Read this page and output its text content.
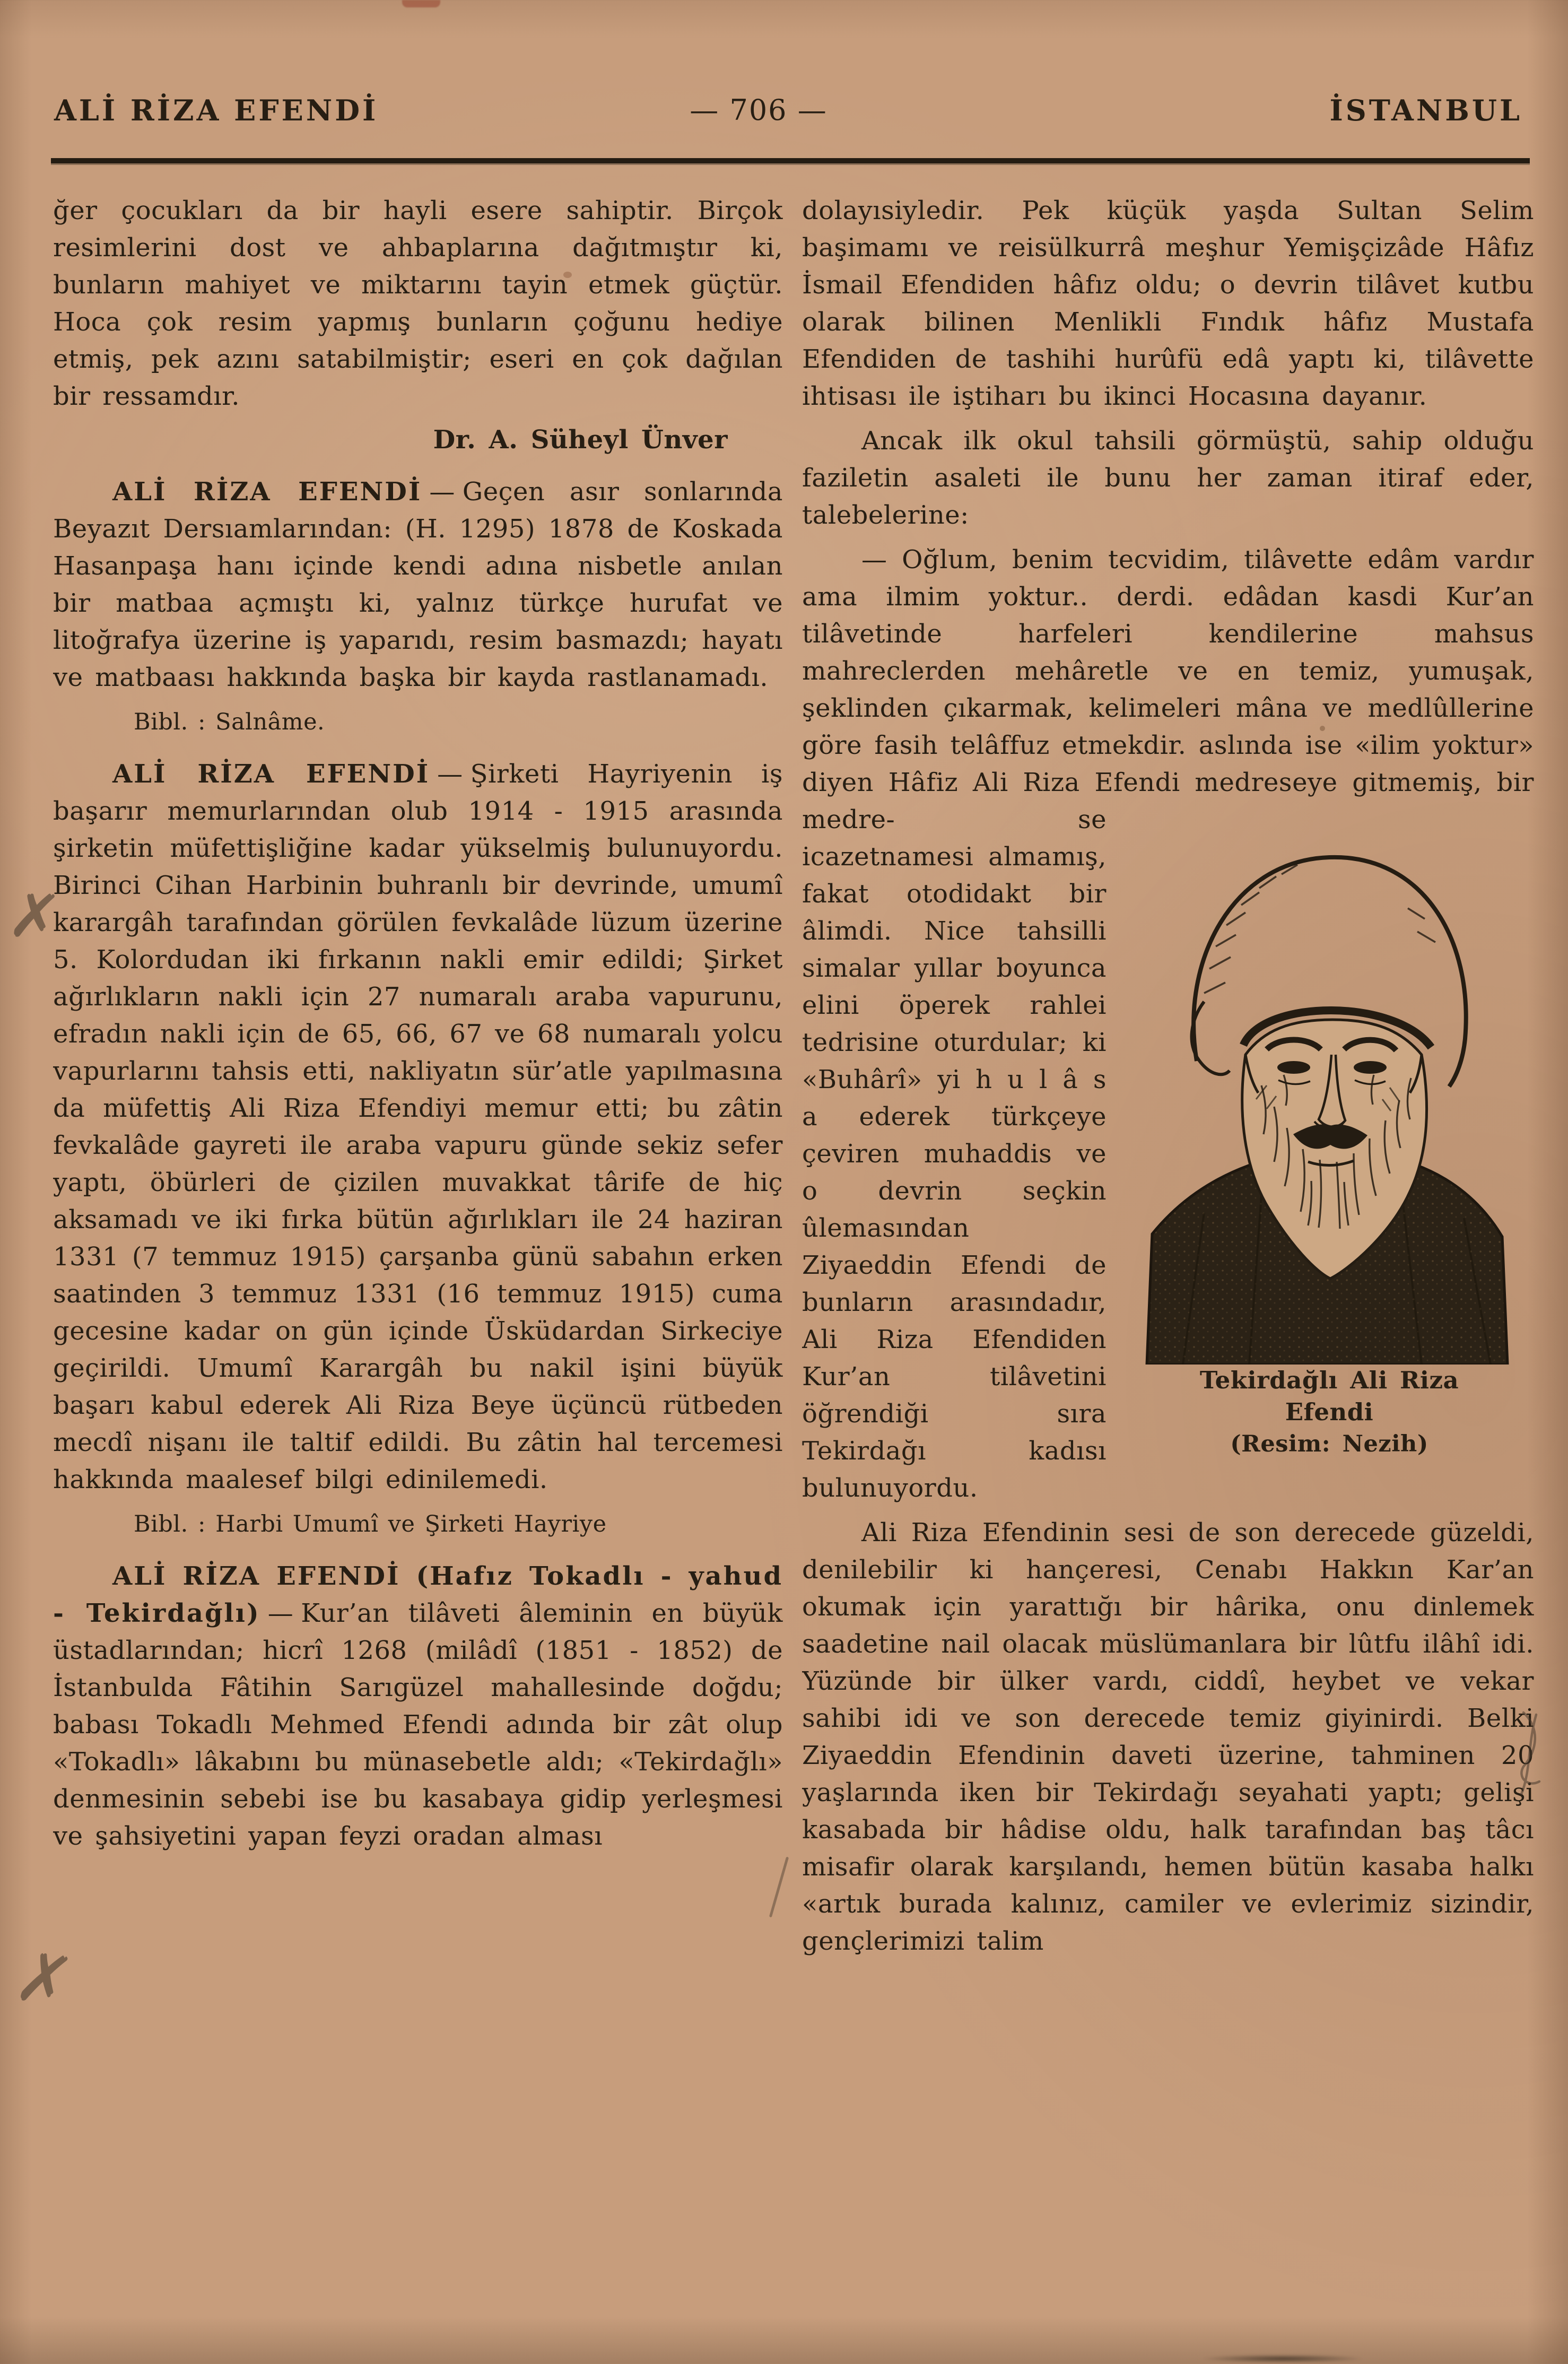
ALİ RİZA EFENDİ	— 706 —	İSTANBUL

ğer çocukları da bir hayli esere sahiptir. Birçok resimlerini dost ve ahbaplarına dağıtmıştır ki, bunların mahiyet ve miktarını tayin etmek güçtür. Hoca çok resim yapmış bunların çoğunu hediye etmiş, pek azını satabilmiştir; eseri en çok dağılan bir ressamdır.

Dr. A. Süheyl Ünver

ALİ RİZA EFENDİ — Geçen asır sonlarında Beyazıt Dersıamlarından: (H. 1295) 1878 de Koskada Hasanpaşa hanı içinde kendi adına nisbetle anılan bir matbaa açmıştı ki, yalnız türkçe hurufat ve litoğrafya üzerine iş yaparıdı, resim basmazdı; hayatı ve matbaası hakkında başka bir kayda rastlanamadı.

Bibl. : Salnâme.

ALİ RİZA EFENDİ — Şirketi Hayriyenin iş başarır memurlarından olub 1914 - 1915 arasında şirketin müfettişliğine kadar yükselmiş bulunuyordu. Birinci Cihan Harbinin buhranlı bir devrinde, umumî karargâh tarafından görülen fevkalâde lüzum üzerine 5. Kolordudan iki fırkanın nakli emir edildi; Şirket ağırlıkların nakli için 27 numaralı araba vapurunu, efradın nakli için de 65, 66, 67 ve 68 numaralı yolcu vapurlarını tahsis etti, nakliyatın sür’atle yapılmasına da müfettiş Ali Riza Efendiyi memur etti; bu zâtin fevkalâde gayreti ile araba vapuru günde sekiz sefer yaptı, öbürleri de çizilen muvakkat târife de hiç aksamadı ve iki fırka bütün ağırlıkları ile 24 haziran 1331 (7 temmuz 1915) çarşanba günü sabahın erken saatinden 3 temmuz 1331 (16 temmuz 1915) cuma gecesine kadar on gün içinde Üsküdardan Sirkeciye geçirildi. Umumî Karargâh bu nakil işini büyük başarı kabul ederek Ali Riza Beye üçüncü rütbeden mecdî nişanı ile taltif edildi. Bu zâtin hal tercemesi hakkında maalesef bilgi edinilemedi.

Bibl. : Harbi Umumî ve Şirketi Hayriye

ALİ RİZA EFENDİ (Hafız Tokadlı - yahud - Tekirdağlı) — Kur’an tilâveti âleminin en büyük üstadlarından; hicrî 1268 (milâdî (1851 - 1852) de İstanbulda Fâtihin Sarıgüzel mahallesinde doğdu; babası Tokadlı Mehmed Efendi adında bir zât olup «Tokadlı» lâkabını bu münasebetle aldı; «Tekirdağlı» denmesinin sebebi ise bu kasabaya gidip yerleşmesi ve şahsiyetini yapan feyzi oradan alması

dolayısiyledir. Pek küçük yaşda Sultan Selim başimamı ve reisülkurrâ meşhur Yemişçizâde Hâfız İsmail Efendiden hâfız oldu; o devrin tilâvet kutbu olarak bilinen Menlikli Fındık hâfız Mustafa Efendiden de tashihi hurûfü edâ yaptı ki, tilâvette ihtisası ile iştiharı bu ikinci Hocasına dayanır.

Ancak ilk okul tahsili görmüştü, sahip olduğu faziletin asaleti ile bunu her zaman itiraf eder, talebelerine:

— Oğlum, benim tecvidim, tilâvette edâm vardır ama ilmim yoktur.. derdi. edâdan kasdi Kur’an tilâvetinde harfeleri kendilerine mahsus mahreclerden mehâretle ve en temiz, yumuşak, şeklinden çıkarmak, kelimeleri mâna ve medlûllerine göre fasih telâffuz etmekdir. aslında ise «ilim yoktur» diyen Hâfiz Ali Riza Efendi medreseye gitmemiş, bir medre-
Tekirdağlı Ali Riza
Efendi
(Resim: Nezih)
se icazetnamesi almamış, fakat otodidakt bir âlimdi. Nice tahsilli simalar yıllar boyunca elini öperek rahlei tedrisine oturdular; ki «Buhârî» yi h u l â s a ederek türkçeye çeviren muhaddis ve o devrin seçkin ûlemasından Ziyaeddin Efendi de bunların arasındadır, Ali Riza Efendiden Kur’an tilâvetini öğrendiği sıra Tekirdağı kadısı bulunuyordu.

Ali Riza Efendinin sesi de son derecede güzeldi, denilebilir ki hançeresi, Cenabı Hakkın Kar’an okumak için yarattığı bir hârika, onu dinlemek saadetine nail olacak müslümanlara bir lûtfu ilâhî idi. Yüzünde bir ülker vardı, ciddî, heybet ve vekar sahibi idi ve son derecede temiz giyinirdi. Belki Ziyaeddin Efendinin daveti üzerine, tahminen 20 yaşlarında iken bir Tekirdağı seyahati yaptı; gelişi kasabada bir hâdise oldu, halk tarafından baş tâcı misafir olarak karşılandı, hemen bütün kasaba halkı «artık burada kalınız, camiler ve evlerimiz sizindir, gençlerimizi talim

✗
✗
